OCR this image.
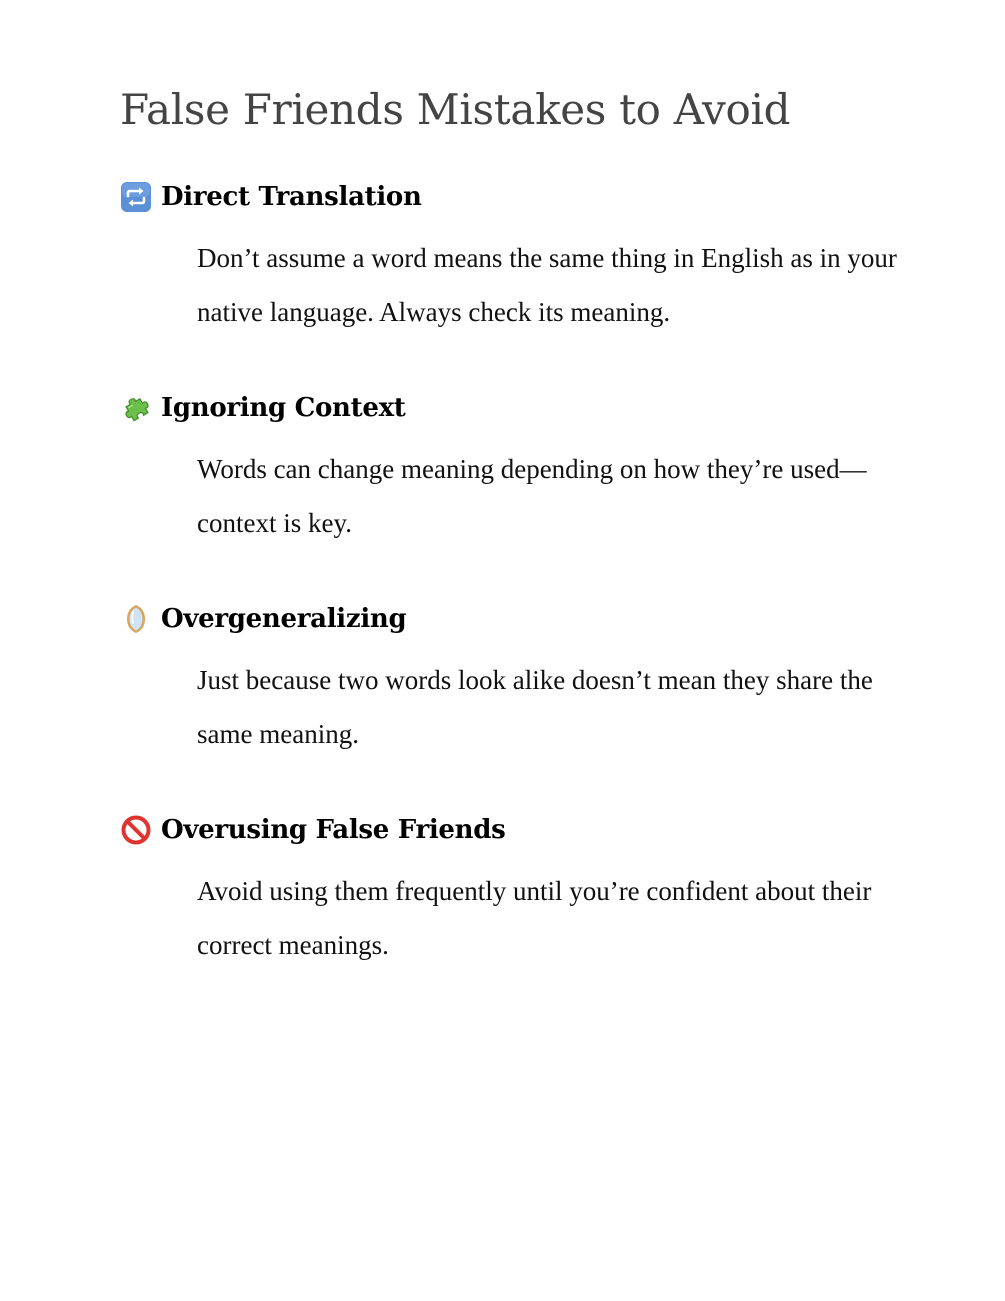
False Friends Mistakes to Avoid
Direct Translation

Don’t assume a word means the same thing in English as in your native language. Always check its meaning.

Ignoring Context

Words can change meaning depending on how they’re used—context is key.

Overgeneralizing

Just because two words look alike doesn’t mean they share the same meaning.

Overusing False Friends

Avoid using them frequently until you’re confident about their correct meanings.
